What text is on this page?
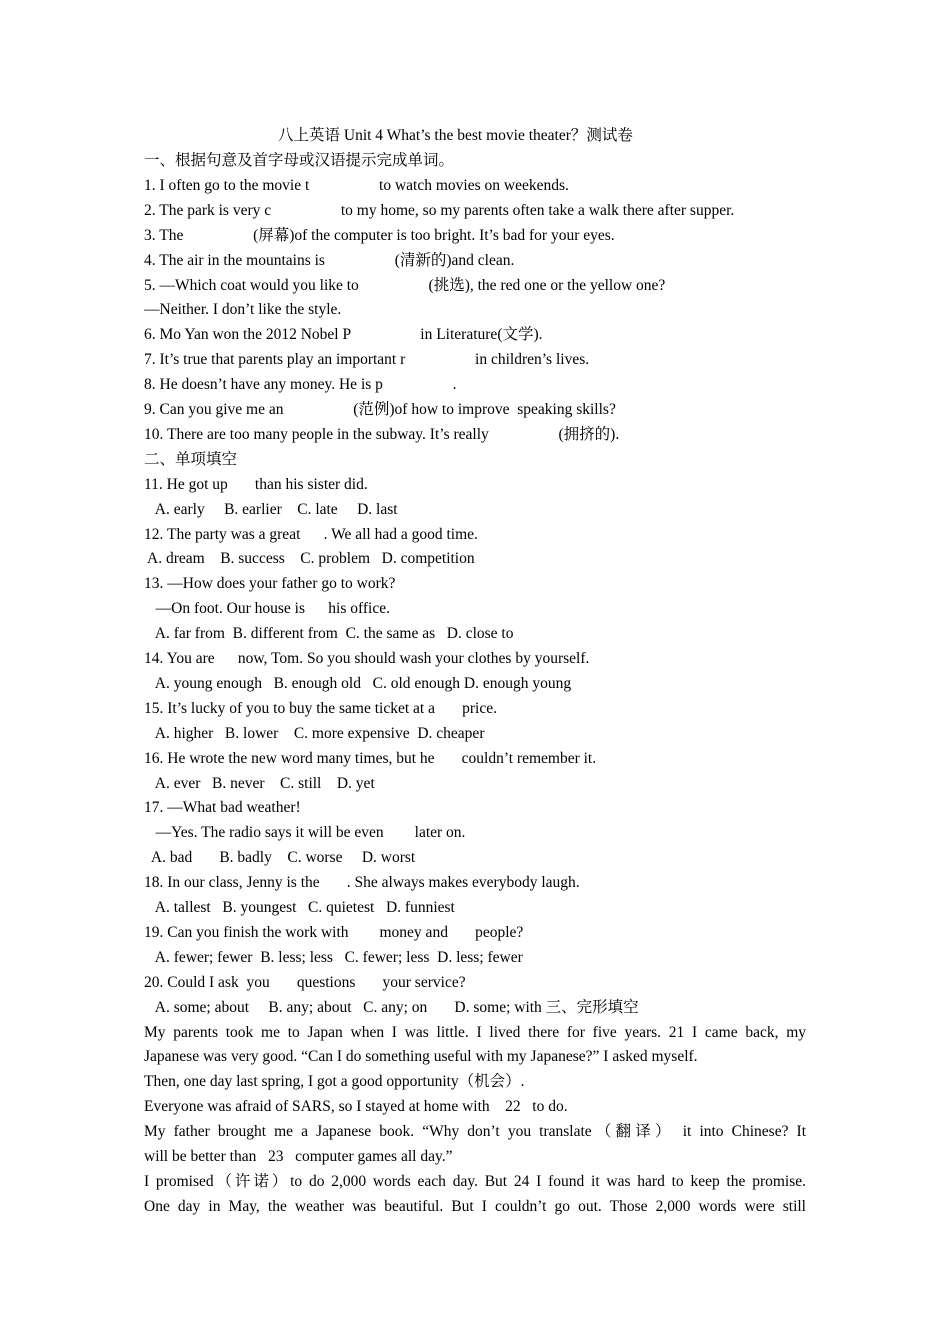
八上英语 Unit 4 What’s the best movie theater？测试卷
一、根据句意及首字母或汉语提示完成单词。
1. I often go to the movie t                  to watch movies on weekends.
2. The park is very c                  to my home, so my parents often take a walk there after supper.
3. The                  (屏幕)of the computer is too bright. It’s bad for your eyes.
4. The air in the mountains is                  (清新的)and clean.
5. —Which coat would you like to                  (挑选), the red one or the yellow one?
—Neither. I don’t like the style.
6. Mo Yan won the 2012 Nobel P                  in Literature(文学).
7. It’s true that parents play an important r                  in children’s lives.
8. He doesn’t have any money. He is p                  .
9. Can you give me an                  (范例)of how to improve  speaking skills?
10. There are too many people in the subway. It’s really                  (拥挤的).
二、单项填空
11. He got up       than his sister did.
A. early     B. earlier    C. late     D. last
12. The party was a great      . We all had a good time.
A. dream    B. success    C. problem   D. competition
13. —How does your father go to work?
—On foot. Our house is      his office.
A. far from  B. different from  C. the same as   D. close to
14. You are      now, Tom. So you should wash your clothes by yourself.
A. young enough   B. enough old   C. old enough D. enough young
15. It’s lucky of you to buy the same ticket at a       price.
A. higher   B. lower    C. more expensive  D. cheaper
16. He wrote the new word many times, but he       couldn’t remember it.
A. ever   B. never    C. still    D. yet
17. —What bad weather!
—Yes. The radio says it will be even        later on.
A. bad       B. badly    C. worse     D. worst
18. In our class, Jenny is the       . She always makes everybody laugh.
A. tallest   B. youngest   C. quietest   D. funniest
19. Can you finish the work with        money and       people?
A. fewer; fewer  B. less; less   C. fewer; less  D. less; fewer
20. Could I ask  you       questions       your service?
A. some; about     B. any; about   C. any; on       D. some; with 三、完形填空
My parents took me to Japan when I was little. I lived there for five years. 21 I came back, my
Japanese was very good. “Can I do something useful with my Japanese?” I asked myself.
Then, one day last spring, I got a good opportunity（机会）.
Everyone was afraid of SARS, so I stayed at home with    22   to do.
My father brought me a Japanese book. “Why don’t you translate（翻译） it into Chinese? It
will be better than   23   computer games all day.”
I promised（许诺）to do 2,000 words each day. But 24 I found it was hard to keep the promise.
One day in May, the weather was beautiful. But I couldn’t go out. Those 2,000 words were still
